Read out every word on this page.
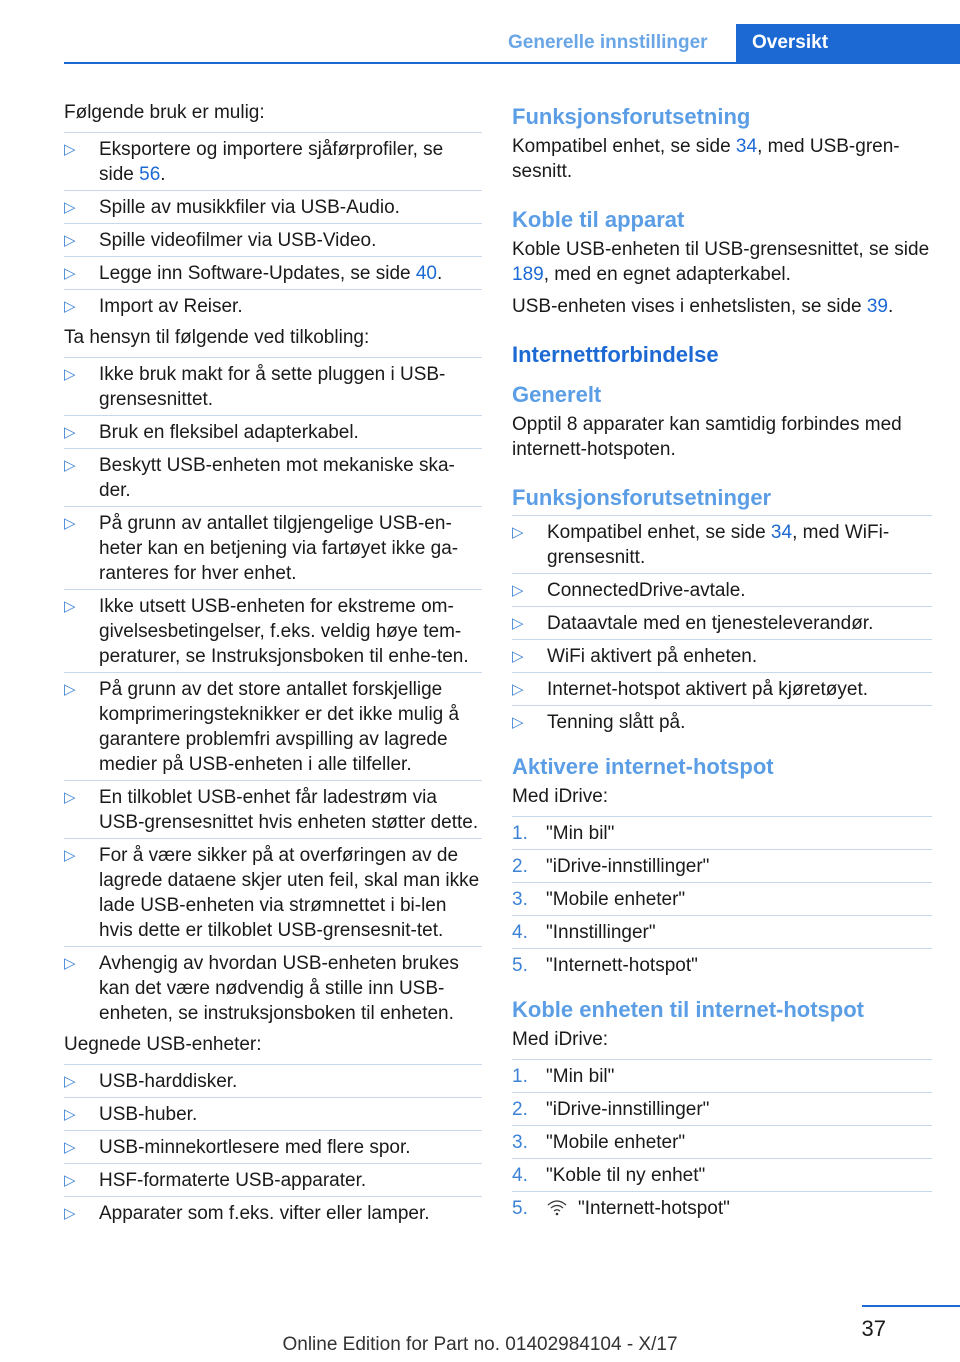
Generelle innstillinger	Oversikt

Følgende bruk er mulig:

▷ Eksportere og importere sjåførprofiler, se side 56.
▷ Spille av musikkfiler via USB-Audio.
▷ Spille videofilmer via USB-Video.
▷ Legge inn Software-Updates, se side 40.
▷ Import av Reiser.

Ta hensyn til følgende ved tilkobling:

▷ Ikke bruk makt for å sette pluggen i USB-grensesnittet.
▷ Bruk en fleksibel adapterkabel.
▷ Beskytt USB-enheten mot mekaniske ska-der.
▷ På grunn av antallet tilgjengelige USB-en-heter kan en betjening via fartøyet ikke ga-ranteres for hver enhet.
▷ Ikke utsett USB-enheten for ekstreme om-givelsesbetingelser, f.eks. veldig høye tem-peraturer, se Instruksjonsboken til enhe-ten.
▷ På grunn av det store antallet forskjellige komprimeringsteknikker er det ikke mulig å garantere problemfri avspilling av lagrede medier på USB-enheten i alle tilfeller.
▷ En tilkoblet USB-enhet får ladestrøm via USB-grensesnittet hvis enheten støtter dette.
▷ For å være sikker på at overføringen av de lagrede dataene skjer uten feil, skal man ikke lade USB-enheten via strømnettet i bi-len hvis dette er tilkoblet USB-grensesnit-tet.
▷ Avhengig av hvordan USB-enheten brukes kan det være nødvendig å stille inn USB-enheten, se instruksjonsboken til enheten.

Uegnede USB-enheter:

▷ USB-harddisker.
▷ USB-huber.
▷ USB-minnekortlesere med flere spor.
▷ HSF-formaterte USB-apparater.
▷ Apparater som f.eks. vifter eller lamper.
Funksjonsforutsetning

Kompatibel enhet, se side 34, med USB-gren-sesnitt.

Koble til apparat

Koble USB-enheten til USB-grensesnittet, se side 189, med en egnet adapterkabel.

USB-enheten vises i enhetslisten, se side 39.

Internettforbindelse
Generelt

Opptil 8 apparater kan samtidig forbindes med internett-hotspoten.

Funksjonsforutsetninger
▷ Kompatibel enhet, se side 34, med WiFi-grensesnitt.
▷ ConnectedDrive-avtale.
▷ Dataavtale med en tjenesteleverandør.
▷ WiFi aktivert på enheten.
▷ Internet-hotspot aktivert på kjøretøyet.
▷ Tenning slått på.
Aktivere internet-hotspot

Med iDrive:

1. "Min bil"
2. "iDrive-innstillinger"
3. "Mobile enheter"
4. "Innstillinger"
5. "Internett-hotspot"
Koble enheten til internet-hotspot

Med iDrive:

1. "Min bil"
2. "iDrive-innstillinger"
3. "Mobile enheter"
4. "Koble til ny enhet"
5.	"Internett-hotspot"
37
Online Edition for Part no. 01402984104 - X/17
